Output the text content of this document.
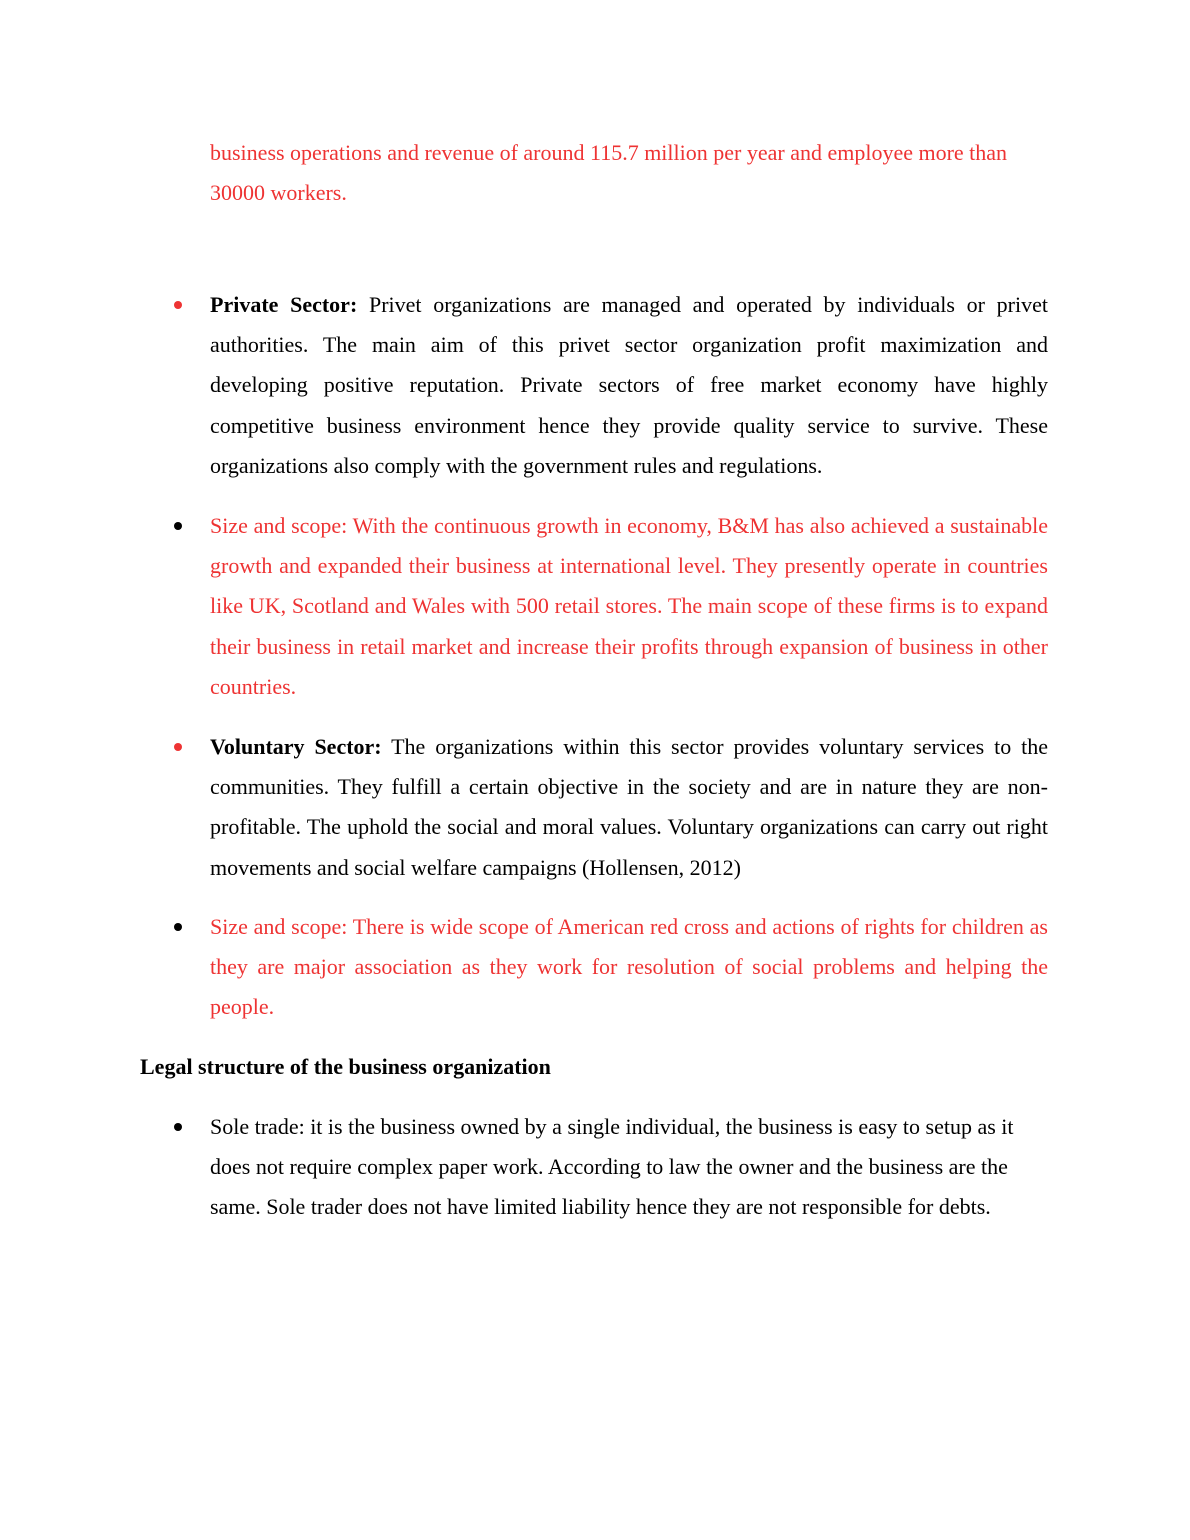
business operations and revenue of around 115.7 million per year and employee more than 30000 workers.

Private Sector: Privet organizations are managed and operated by individuals or privet authorities. The main aim of this privet sector organization profit maximization and developing positive reputation. Private sectors of free market economy have highly competitive business environment hence they provide quality service to survive. These organizations also comply with the government rules and regulations.

Size and scope: With the continuous growth in economy, B&M has also achieved a sustainable growth and expanded their business at international level. They presently operate in countries like UK, Scotland and Wales with 500 retail stores. The main scope of these firms is to expand their business in retail market and increase their profits through expansion of business in other countries.

Voluntary Sector: The organizations within this sector provides voluntary services to the communities. They fulfill a certain objective in the society and are in nature they are non-profitable. The uphold the social and moral values. Voluntary organizations can carry out right movements and social welfare campaigns (Hollensen, 2012)

Size and scope: There is wide scope of American red cross and actions of rights for children as they are major association as they work for resolution of social problems and helping the people.

Legal structure of the business organization

Sole trade: it is the business owned by a single individual, the business is easy to setup as it does not require complex paper work. According to law the owner and the business are the same. Sole trader does not have limited liability hence they are not responsible for debts.
